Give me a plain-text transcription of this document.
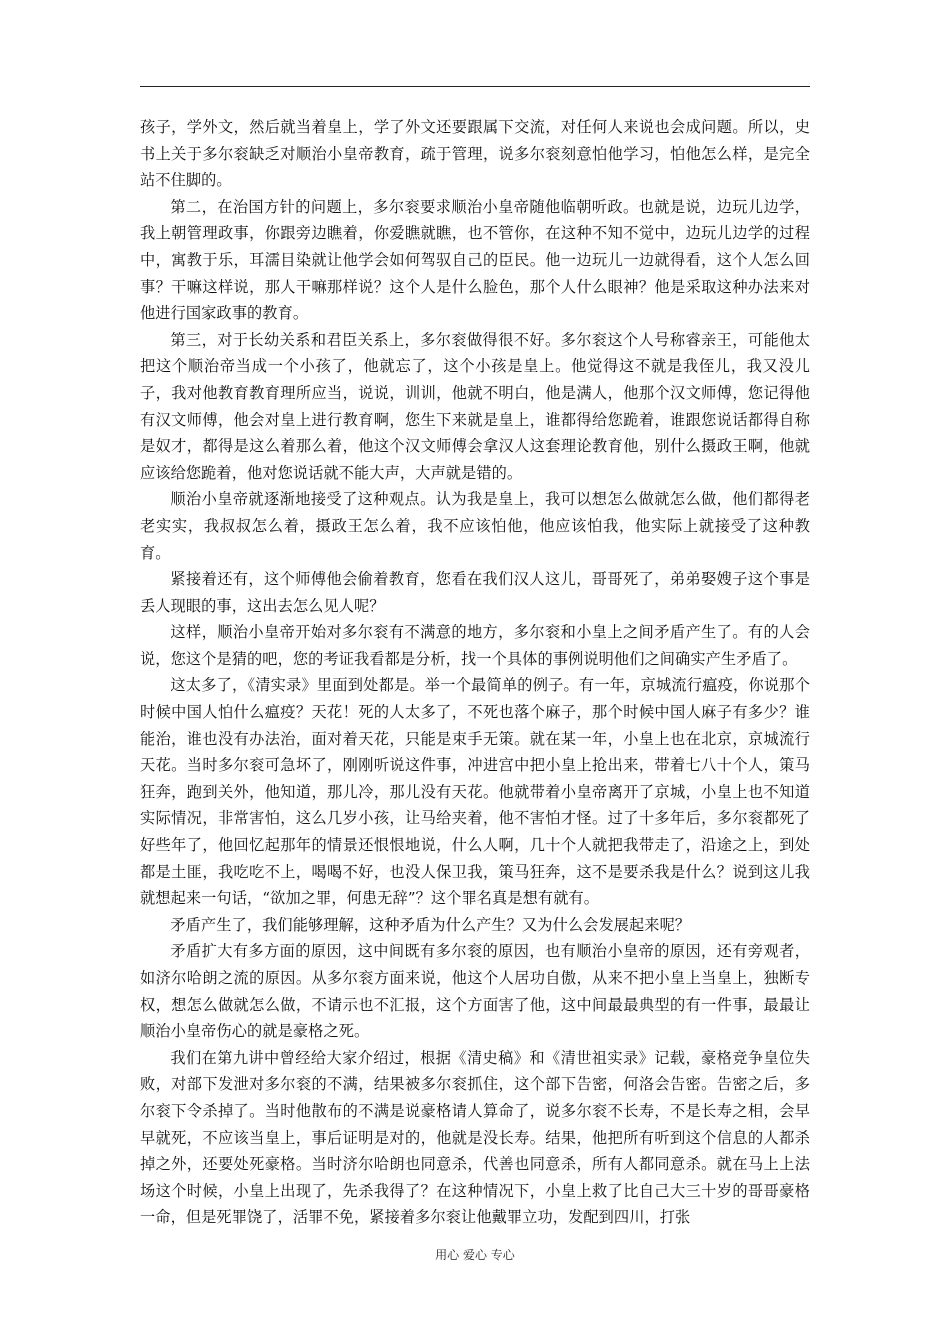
孩子，学外文，然后就当着皇上，学了外文还要跟属下交流，对任何人来说也会成问题。所以，史书上关于多尔衮缺乏对顺治小皇帝教育，疏于管理，说多尔衮刻意怕他学习，怕他怎么样，是完全站不住脚的。

第二，在治国方针的问题上，多尔衮要求顺治小皇帝随他临朝听政。也就是说，边玩儿边学，我上朝管理政事，你跟旁边瞧着，你爱瞧就瞧，也不管你，在这种不知不觉中，边玩儿边学的过程中，寓教于乐，耳濡目染就让他学会如何驾驭自己的臣民。他一边玩儿一边就得看，这个人怎么回事？干嘛这样说，那人干嘛那样说？这个人是什么脸色，那个人什么眼神？他是采取这种办法来对他进行国家政事的教育。

第三，对于长幼关系和君臣关系上，多尔衮做得很不好。多尔衮这个人号称睿亲王，可能他太把这个顺治帝当成一个小孩了，他就忘了，这个小孩是皇上。他觉得这不就是我侄儿，我又没儿子，我对他教育教育理所应当，说说，训训，他就不明白，他是满人，他那个汉文师傅，您记得他有汉文师傅，他会对皇上进行教育啊，您生下来就是皇上，谁都得给您跪着，谁跟您说话都得自称是奴才，都得是这么着那么着，他这个汉文师傅会拿汉人这套理论教育他，别什么摄政王啊，他就应该给您跪着，他对您说话就不能大声，大声就是错的。

顺治小皇帝就逐渐地接受了这种观点。认为我是皇上，我可以想怎么做就怎么做，他们都得老老实实，我叔叔怎么着，摄政王怎么着，我不应该怕他，他应该怕我，他实际上就接受了这种教育。

紧接着还有，这个师傅他会偷着教育，您看在我们汉人这儿，哥哥死了，弟弟娶嫂子这个事是丢人现眼的事，这出去怎么见人呢？

这样，顺治小皇帝开始对多尔衮有不满意的地方，多尔衮和小皇上之间矛盾产生了。有的人会说，您这个是猜的吧，您的考证我看都是分析，找一个具体的事例说明他们之间确实产生矛盾了。

这太多了，《清实录》里面到处都是。举一个最简单的例子。有一年，京城流行瘟疫，你说那个时候中国人怕什么瘟疫？天花！死的人太多了，不死也落个麻子，那个时候中国人麻子有多少？谁能治，谁也没有办法治，面对着天花，只能是束手无策。就在某一年，小皇上也在北京，京城流行天花。当时多尔衮可急坏了，刚刚听说这件事，冲进宫中把小皇上抢出来，带着七八十个人，策马狂奔，跑到关外，他知道，那儿冷，那儿没有天花。他就带着小皇帝离开了京城，小皇上也不知道实际情况，非常害怕，这么几岁小孩，让马给夹着，他不害怕才怪。过了十多年后，多尔衮都死了好些年了，他回忆起那年的情景还恨恨地说，什么人啊，几十个人就把我带走了，沿途之上，到处都是土匪，我吃吃不上，喝喝不好，也没人保卫我，策马狂奔，这不是要杀我是什么？说到这儿我就想起来一句话，“欲加之罪，何患无辞”？这个罪名真是想有就有。

矛盾产生了，我们能够理解，这种矛盾为什么产生？又为什么会发展起来呢？

矛盾扩大有多方面的原因，这中间既有多尔衮的原因，也有顺治小皇帝的原因，还有旁观者，如济尔哈朗之流的原因。从多尔衮方面来说，他这个人居功自傲，从来不把小皇上当皇上，独断专权，想怎么做就怎么做，不请示也不汇报，这个方面害了他，这中间最最典型的有一件事，最最让顺治小皇帝伤心的就是豪格之死。

我们在第九讲中曾经给大家介绍过，根据《清史稿》和《清世祖实录》记载，豪格竞争皇位失败，对部下发泄对多尔衮的不满，结果被多尔衮抓住，这个部下告密，何洛会告密。告密之后，多尔衮下令杀掉了。当时他散布的不满是说豪格请人算命了，说多尔衮不长寿，不是长寿之相，会早早就死，不应该当皇上，事后证明是对的，他就是没长寿。结果，他把所有听到这个信息的人都杀掉之外，还要处死豪格。当时济尔哈朗也同意杀，代善也同意杀，所有人都同意杀。就在马上上法场这个时候，小皇上出现了，先杀我得了？在这种情况下，小皇上救了比自己大三十岁的哥哥豪格一命，但是死罪饶了，活罪不免，紧接着多尔衮让他戴罪立功，发配到四川，打张

用心 爱心 专心
